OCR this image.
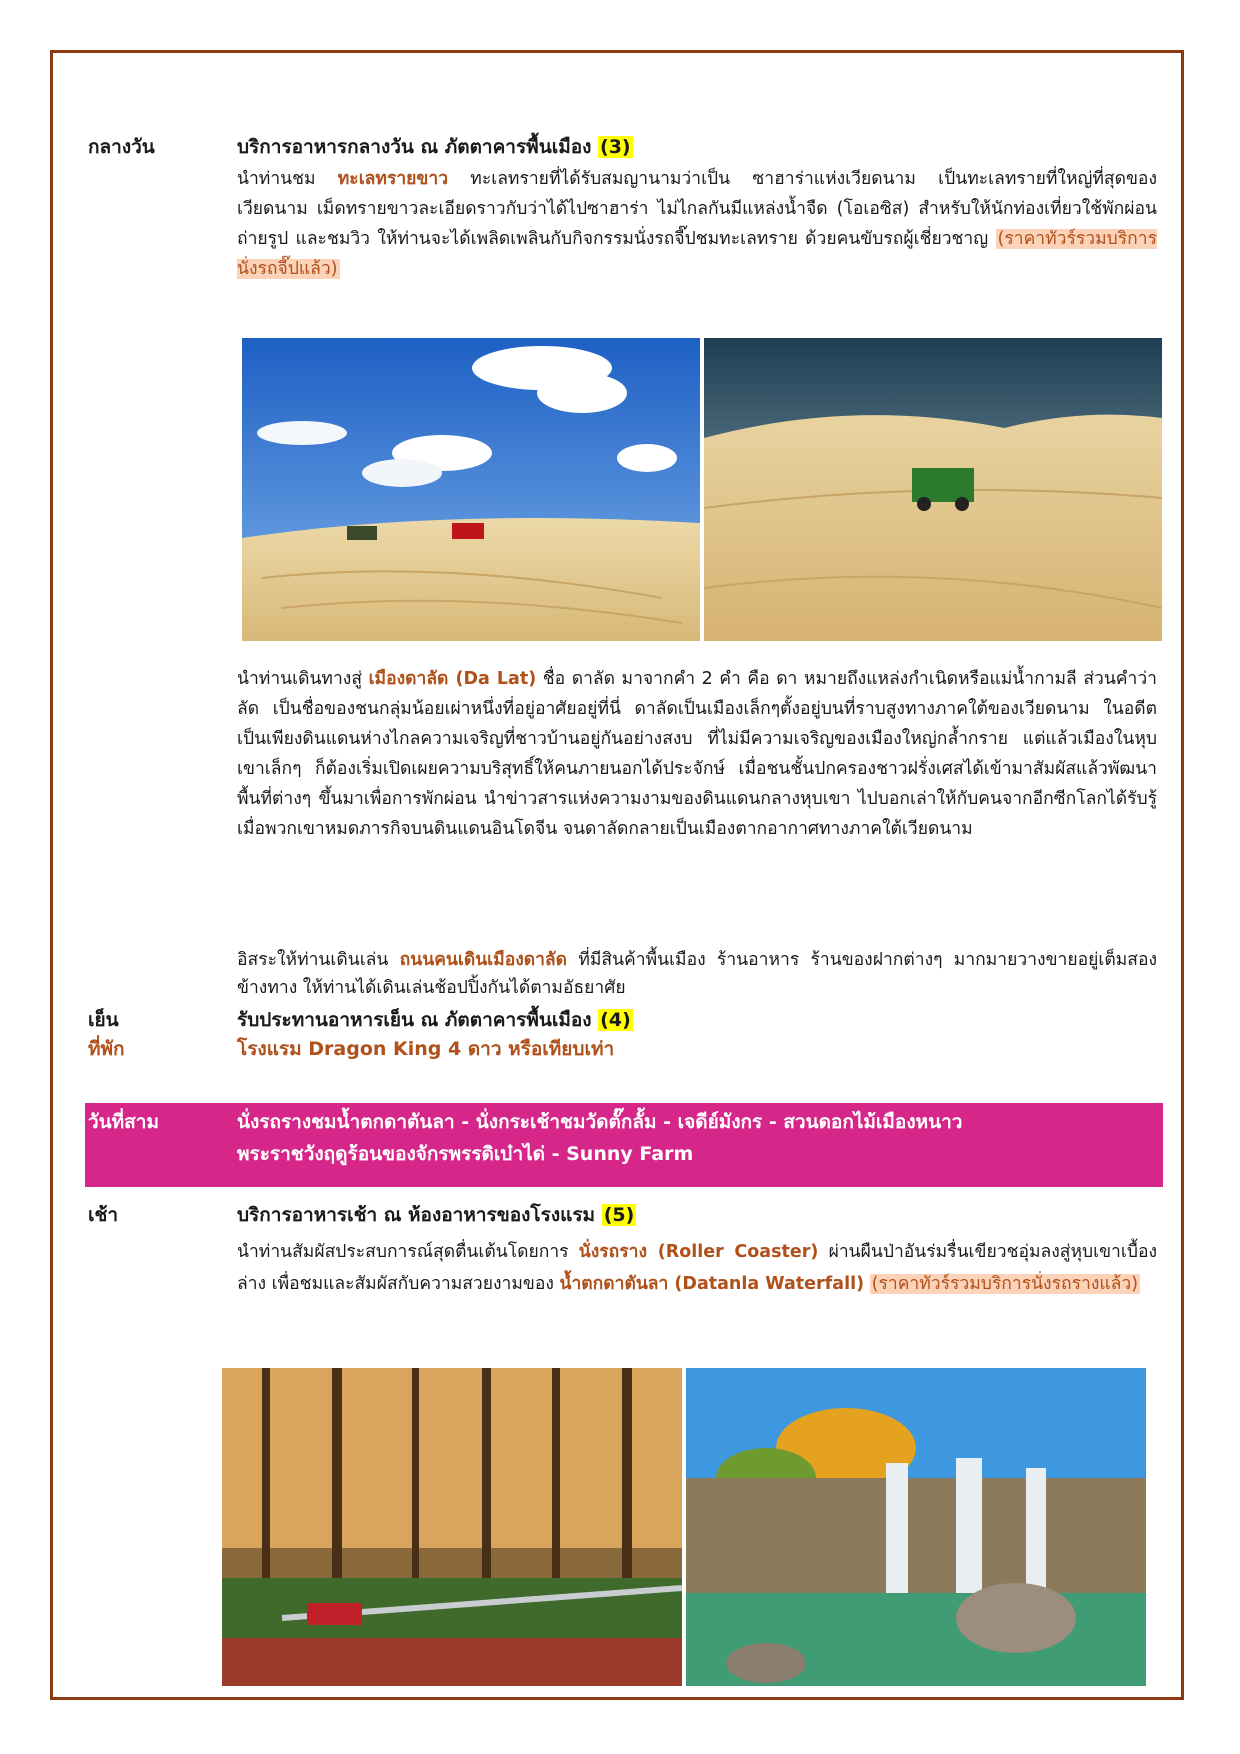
กลางวัน	บริการอาหารกลางวัน ณ ภัตตาคารพื้นเมือง (3)
นำท่านชม ทะเลทรายขาว ทะเลทรายที่ได้รับสมญานามว่าเป็น ซาฮาร่าแห่งเวียดนาม เป็นทะเลทรายที่ใหญ่ที่สุดของเวียดนาม เม็ดทรายขาวละเอียดราวกับว่าได้ไปซาฮาร่า ไม่ไกลกันมีแหล่งน้ำจืด (โอเอซิส) สำหรับให้นักท่องเที่ยวใช้พักผ่อน ถ่ายรูป และชมวิว ให้ท่านจะได้เพลิดเพลินกับกิจกรรมนั่งรถจี๊ปชมทะเลทราย ด้วยคนขับรถผู้เชี่ยวชาญ (ราคาทัวร์รวมบริการนั่งรถจี๊ปแล้ว)
นำท่านเดินทางสู่ เมืองดาลัด (Da Lat) ชื่อ ดาลัด มาจากคำ 2 คำ คือ ดา หมายถึงแหล่งกำเนิดหรือแม่น้ำกามลี ส่วนคำว่า ลัด เป็นชื่อของชนกลุ่มน้อยเผ่าหนึ่งที่อยู่อาศัยอยู่ที่นี่ ดาลัดเป็นเมืองเล็กๆตั้งอยู่บนที่ราบสูงทางภาคใต้ของเวียดนาม ในอดีตเป็นเพียงดินแดนห่างไกลความเจริญที่ชาวบ้านอยู่กันอย่างสงบ ที่ไม่มีความเจริญของเมืองใหญ่กล้ำกราย แต่แล้วเมืองในหุบเขาเล็กๆ ก็ต้องเริ่มเปิดเผยความบริสุทธิ์ให้คนภายนอกได้ประจักษ์ เมื่อชนชั้นปกครองชาวฝรั่งเศสได้เข้ามาสัมผัสแล้วพัฒนาพื้นที่ต่างๆ ขึ้นมาเพื่อการพักผ่อน นำข่าวสารแห่งความงามของดินแดนกลางหุบเขา ไปบอกเล่าให้กับคนจากอีกซีกโลกได้รับรู้ เมื่อพวกเขาหมดภารกิจบนดินแดนอินโดจีน จนดาลัดกลายเป็นเมืองตากอากาศทางภาคใต้เวียดนาม
อิสระให้ท่านเดินเล่น ถนนคนเดินเมืองดาลัด ที่มีสินค้าพื้นเมือง ร้านอาหาร ร้านของฝากต่างๆ มากมายวางขายอยู่เต็มสองข้างทาง ให้ท่านได้เดินเล่นช้อปปิ้งกันได้ตามอัธยาศัย
เย็น	รับประทานอาหารเย็น ณ ภัตตาคารพื้นเมือง (4)
ที่พัก	โรงแรม Dragon King 4 ดาว หรือเทียบเท่า
วันที่สาม	นั่งรถรางชมน้ำตกดาตันลา - นั่งกระเช้าชมวัดตั๊กลั้ม - เจดีย์มังกร - สวนดอกไม้เมืองหนาว
พระราชวังฤดูร้อนของจักรพรรดิเบ๋าได่ - Sunny Farm
เช้า	บริการอาหารเช้า ณ ห้องอาหารของโรงแรม (5)
นำท่านสัมผัสประสบการณ์สุดตื่นเต้นโดยการ นั่งรถราง (Roller Coaster) ผ่านผืนป่าอันร่มรื่นเขียวชอุ่มลงสู่หุบเขาเบื้องล่าง เพื่อชมและสัมผัสกับความสวยงามของ น้ำตกดาตันลา (Datanla Waterfall) (ราคาทัวร์รวมบริการนั่งรถรางแล้ว)
